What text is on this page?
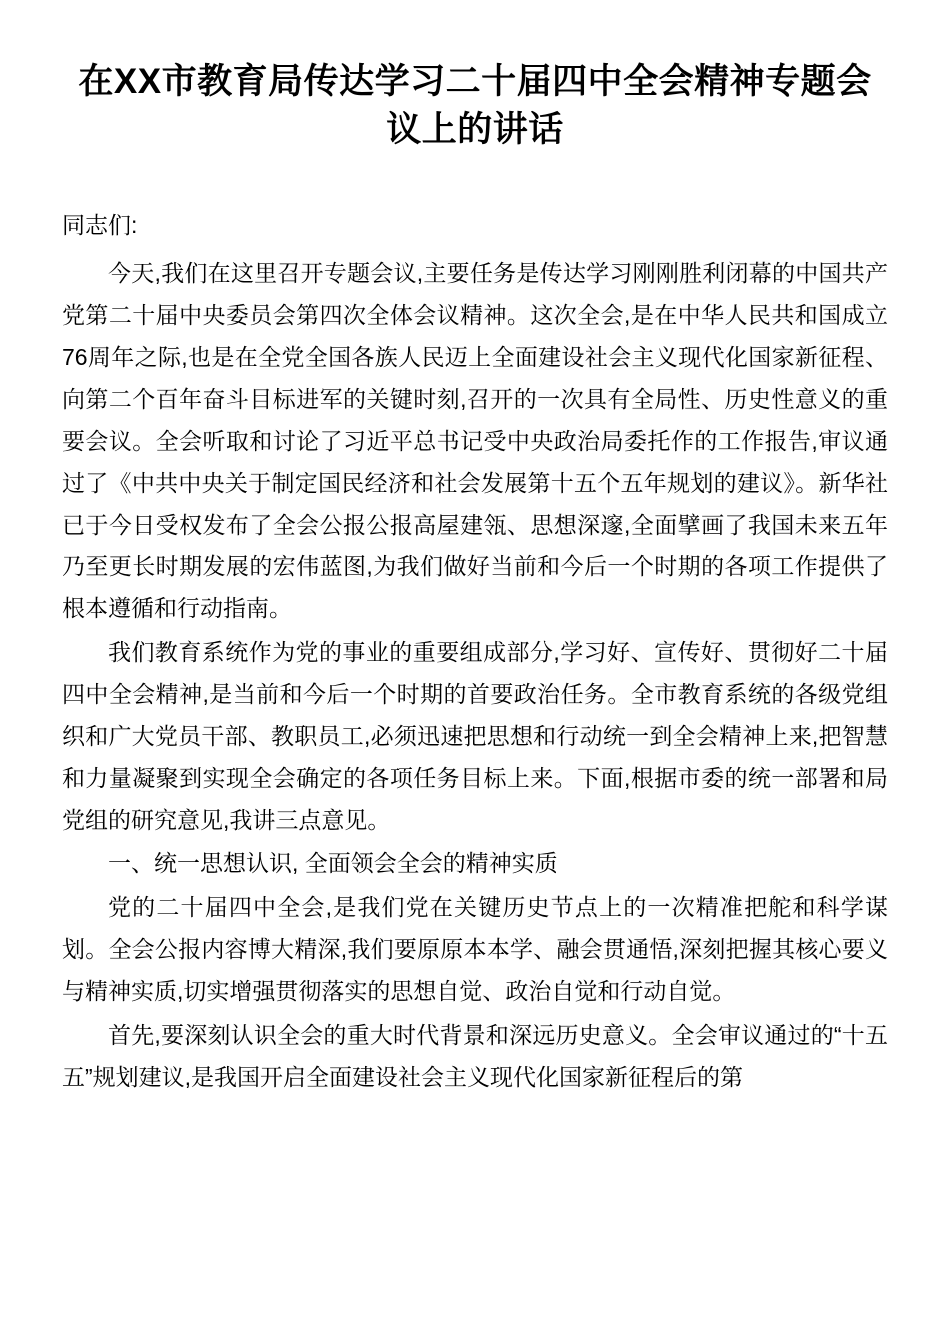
在XX市教育局传达学习二十届四中全会精神专题会议上的讲话

同志们:

今天,我们在这里召开专题会议,主要任务是传达学习刚刚胜利闭幕的中国共产党第二十届中央委员会第四次全体会议精神。这次全会,是在中华人民共和国成立76周年之际,也是在全党全国各族人民迈上全面建设社会主义现代化国家新征程、向第二个百年奋斗目标进军的关键时刻,召开的一次具有全局性、历史性意义的重要会议。全会听取和讨论了习近平总书记受中央政治局委托作的工作报告,审议通过了《中共中央关于制定国民经济和社会发展第十五个五年规划的建议》。新华社已于今日受权发布了全会公报公报高屋建瓴、思想深邃,全面擘画了我国未来五年乃至更长时期发展的宏伟蓝图,为我们做好当前和今后一个时期的各项工作提供了根本遵循和行动指南。

我们教育系统作为党的事业的重要组成部分,学习好、宣传好、贯彻好二十届四中全会精神,是当前和今后一个时期的首要政治任务。全市教育系统的各级党组织和广大党员干部、教职员工,必须迅速把思想和行动统一到全会精神上来,把智慧和力量凝聚到实现全会确定的各项任务目标上来。下面,根据市委的统一部署和局党组的研究意见,我讲三点意见。

一、统一思想认识, 全面领会全会的精神实质

党的二十届四中全会,是我们党在关键历史节点上的一次精准把舵和科学谋划。全会公报内容博大精深,我们要原原本本学、融会贯通悟,深刻把握其核心要义与精神实质,切实增强贯彻落实的思想自觉、政治自觉和行动自觉。

首先,要深刻认识全会的重大时代背景和深远历史意义。全会审议通过的“十五五”规划建议,是我国开启全面建设社会主义现代化国家新征程后的第
